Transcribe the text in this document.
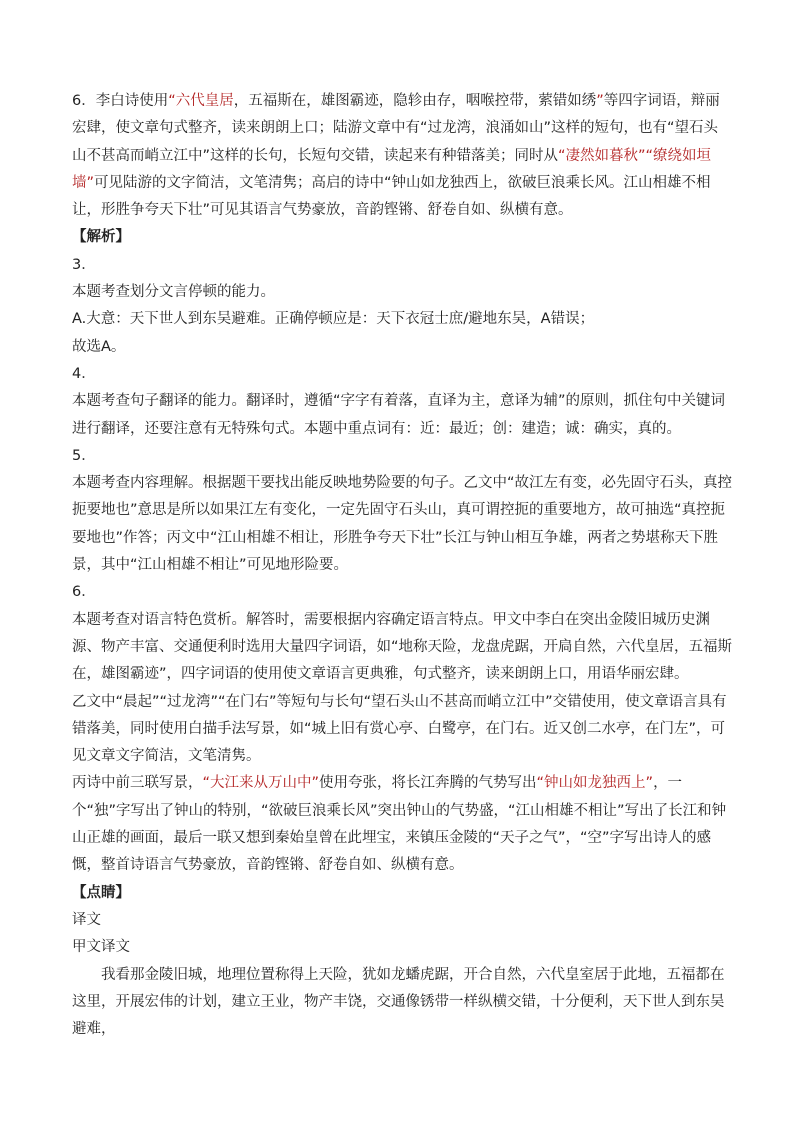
6．李白诗使用“六代皇居，五福斯在，雄图霸迹，隐轸由存，咽喉控带，萦错如绣”等四字词语，辩丽宏肆，使文章句式整齐，读来朗朗上口；陆游文章中有“过龙湾，浪涌如山”这样的短句，也有“望石头山不甚高而峭立江中”这样的长句，长短句交错，读起来有种错落美；同时从“凄然如暮秋”“缭绕如垣墙”可见陆游的文字简洁，文笔清隽；高启的诗中“钟山如龙独西上，欲破巨浪乘长风。江山相雄不相让，形胜争夸天下壮”可见其语言气势豪放，音韵铿锵、舒卷自如、纵横有意。

【解析】

3．

本题考查划分文言停顿的能力。

A.大意：天下世人到东吴避难。正确停顿应是：天下衣冠士庶/避地东吴，A错误；

故选A。

4．

本题考查句子翻译的能力。翻译时，遵循“字字有着落，直译为主，意译为辅”的原则，抓住句中关键词进行翻译，还要注意有无特殊句式。本题中重点词有：近：最近；创：建造；诚：确实，真的。

5．

本题考查内容理解。根据题干要找出能反映地势险要的句子。乙文中“故江左有变，必先固守石头，真控扼要地也”意思是所以如果江左有变化，一定先固守石头山，真可谓控扼的重要地方，故可抽选“真控扼要地也”作答；丙文中“江山相雄不相让，形胜争夸天下壮”长江与钟山相互争雄，两者之势堪称天下胜景，其中“江山相雄不相让”可见地形险要。

6．

本题考查对语言特色赏析。解答时，需要根据内容确定语言特点。甲文中李白在突出金陵旧城历史渊源、物产丰富、交通便利时选用大量四字词语，如“地称天险，龙盘虎踞，开扃自然，六代皇居，五福斯在，雄图霸迹”，四字词语的使用使文章语言更典雅，句式整齐，读来朗朗上口，用语华丽宏肆。

乙文中“晨起”“过龙湾”“在门右”等短句与长句“望石头山不甚高而峭立江中”交错使用，使文章语言具有错落美，同时使用白描手法写景，如“城上旧有赏心亭、白鹭亭，在门右。近又创二水亭，在门左”，可见文章文字简洁，文笔清隽。

丙诗中前三联写景，“大江来从万山中”使用夸张，将长江奔腾的气势写出“钟山如龙独西上”，一个“独”字写出了钟山的特别，“欲破巨浪乘长风”突出钟山的气势盛，“江山相雄不相让”写出了长江和钟山正雄的画面，最后一联又想到秦始皇曾在此埋宝，来镇压金陵的“天子之气”，“空”字写出诗人的感慨，整首诗语言气势豪放，音韵铿锵、舒卷自如、纵横有意。

【点睛】

译文

甲文译文

我看那金陵旧城，地理位置称得上天险，犹如龙蟠虎踞，开合自然，六代皇室居于此地，五福都在这里，开展宏伟的计划，建立王业，物产丰饶，交通像锈带一样纵横交错，十分便利，天下世人到东吴避难，
